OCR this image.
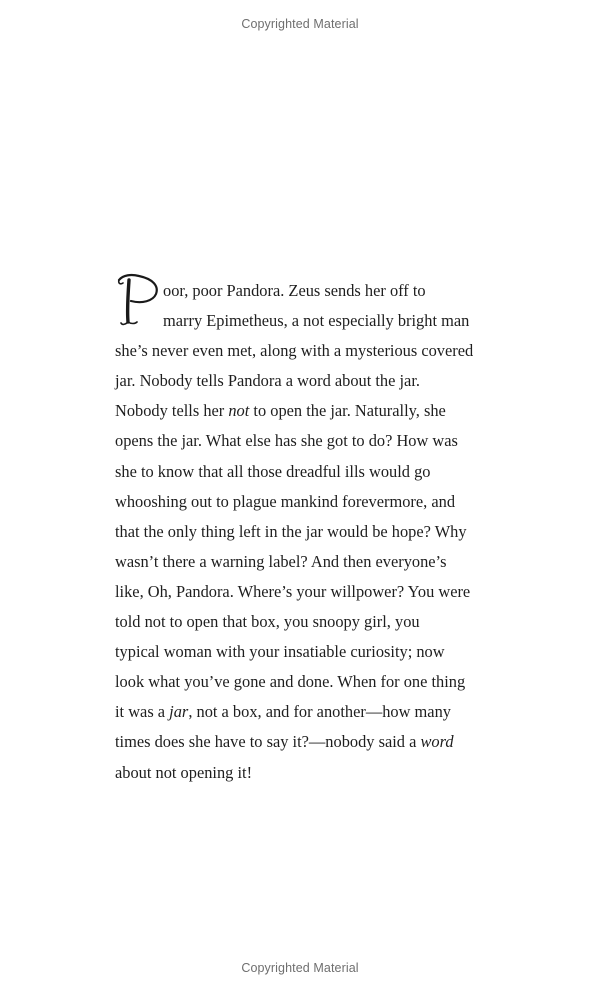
Copyrighted Material
oor, poor Pandora. Zeus sends her off to
marry Epimetheus, a not especially bright man
she’s never even met, along with a mysterious covered
jar. Nobody tells Pandora a word about the jar.
Nobody tells her not to open the jar. Naturally, she
opens the jar. What else has she got to do? How was
she to know that all those dreadful ills would go
whooshing out to plague mankind forevermore, and
that the only thing left in the jar would be hope? Why
wasn’t there a warning label? And then everyone’s
like, Oh, Pandora. Where’s your willpower? You were
told not to open that box, you snoopy girl, you
typical woman with your insatiable curiosity; now
look what you’ve gone and done. When for one thing
it was a jar, not a box, and for another—how many
times does she have to say it?—nobody said a word
about not opening it!
Copyrighted Material
